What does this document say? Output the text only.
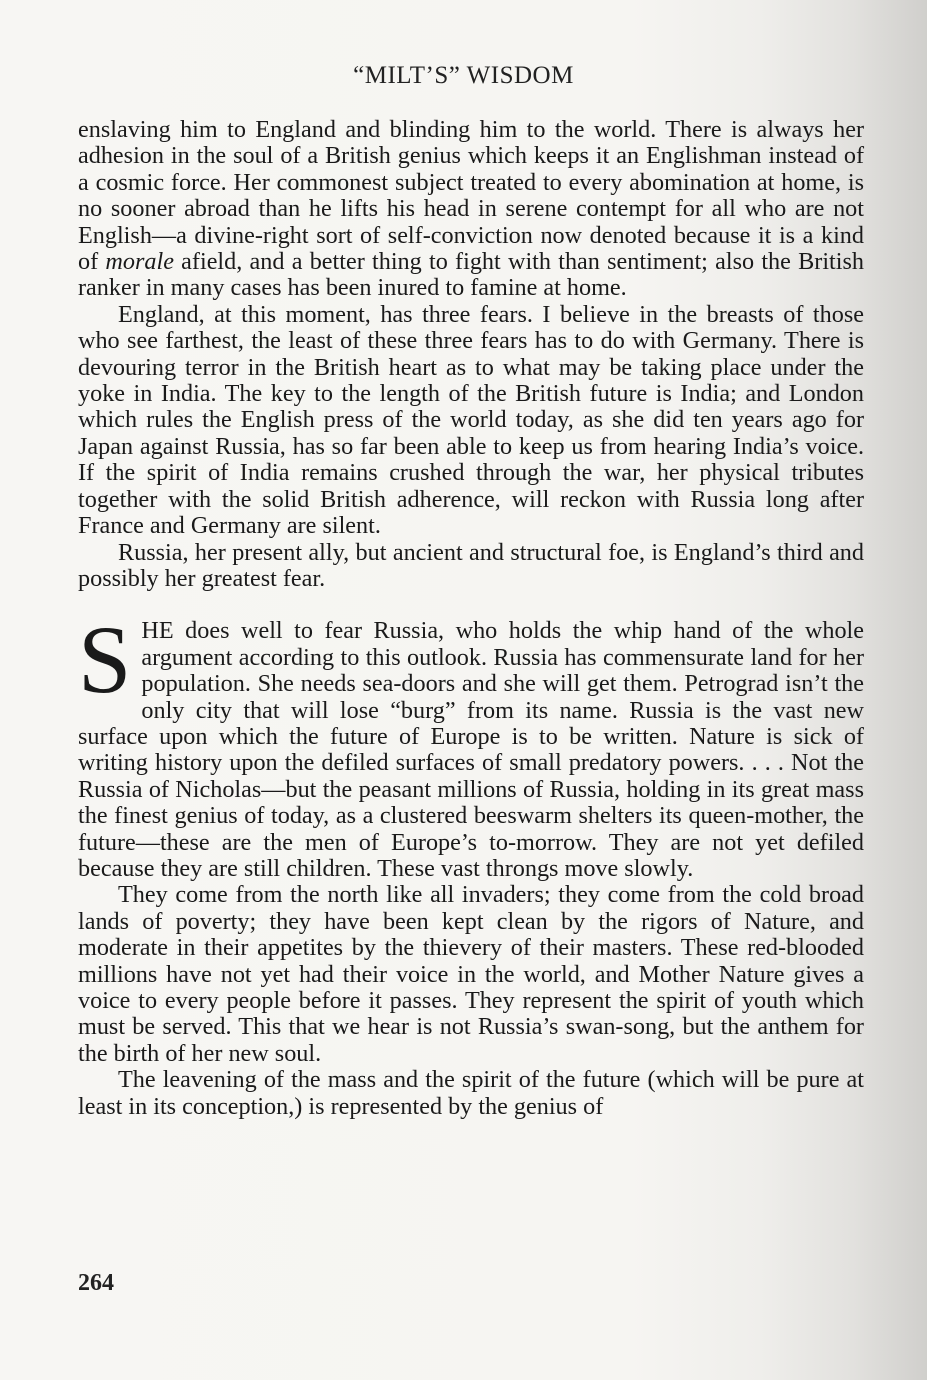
“MILT’S” WISDOM

enslaving him to England and blinding him to the world. There is always her adhesion in the soul of a British genius which keeps it an Englishman instead of a cosmic force. Her commonest subject treated to every abomination at home, is no sooner abroad than he lifts his head in serene contempt for all who are not English—a divine-right sort of self-conviction now denoted because it is a kind of morale afield, and a better thing to fight with than sentiment; also the British ranker in many cases has been inured to famine at home.

England, at this moment, has three fears. I believe in the breasts of those who see farthest, the least of these three fears has to do with Germany. There is devouring terror in the British heart as to what may be taking place under the yoke in India. The key to the length of the British future is India; and London which rules the English press of the world today, as she did ten years ago for Japan against Russia, has so far been able to keep us from hearing India’s voice. If the spirit of India remains crushed through the war, her physical tributes together with the solid British adherence, will reckon with Russia long after France and Germany are silent.

Russia, her present ally, but ancient and structural foe, is England’s third and possibly her greatest fear.

SHE does well to fear Russia, who holds the whip hand of the whole argument according to this outlook. Russia has commensurate land for her population. She needs sea-doors and she will get them. Petrograd isn’t the only city that will lose “burg” from its name. Russia is the vast new surface upon which the future of Europe is to be written. Nature is sick of writing history upon the defiled surfaces of small predatory powers. . . . Not the Russia of Nicholas—but the peasant millions of Russia, holding in its great mass the finest genius of today, as a clustered beeswarm shelters its queen-mother, the future—these are the men of Europe’s to-morrow. They are not yet defiled because they are still children. These vast throngs move slowly.

They come from the north like all invaders; they come from the cold broad lands of poverty; they have been kept clean by the rigors of Nature, and moderate in their appetites by the thievery of their masters. These red-blooded millions have not yet had their voice in the world, and Mother Nature gives a voice to every people before it passes. They represent the spirit of youth which must be served. This that we hear is not Russia’s swan-song, but the anthem for the birth of her new soul.

The leavening of the mass and the spirit of the future (which will be pure at least in its conception,) is represented by the genius of

264
